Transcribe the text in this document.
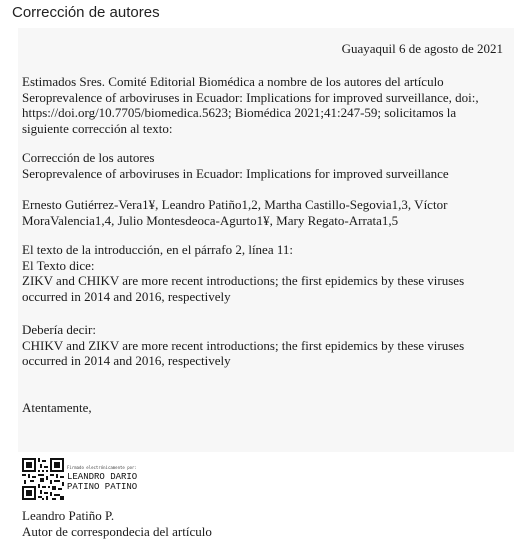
Corrección de autores
Guayaquil 6 de agosto de 2021
Estimados Sres. Comité Editorial Biomédica a nombre de los autores del artículo
Seroprevalence of arboviruses in Ecuador: Implications for improved surveillance, doi:,
https://doi.org/10.7705/biomedica.5623; Biomédica 2021;41:247-59; solicitamos la
siguiente corrección al texto:
Corrección de los autores
Seroprevalence of arboviruses in Ecuador: Implications for improved surveillance
Ernesto Gutiérrez-Vera1¥, Leandro Patiño1,2, Martha Castillo-Segovia1,3, Víctor
MoraValencia1,4, Julio Montesdeoca-Agurto1¥, Mary Regato-Arrata1,5
El texto de la introducción, en el párrafo 2, línea 11:
El Texto dice:
ZIKV and CHIKV are more recent introductions; the first epidemics by these viruses
occurred in 2014 and 2016, respectively
Debería decir:
CHIKV and ZIKV are more recent introductions; the first epidemics by these viruses
occurred in 2014 and 2016, respectively
Atentamente,
Firmado electrónicamente por:
LEANDRO DARIO
PATINO PATINO
Leandro Patiño P.
Autor de correspondecia del artículo
